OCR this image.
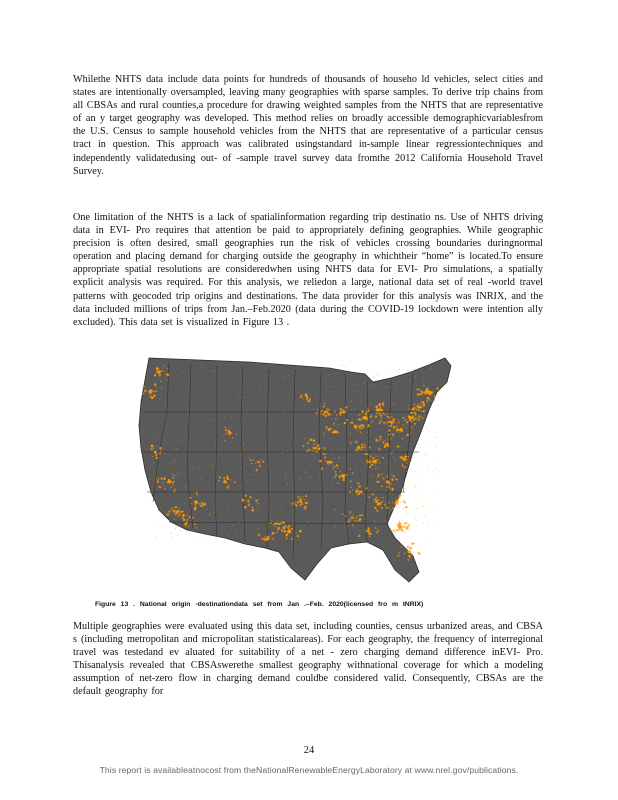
Whilethe NHTS data include data points for hundreds of thousands of househo ld vehicles, select cities and states are intentionally oversampled, leaving many geographies with sparse samples. To derive trip chains from all CBSAs and rural counties,a procedure for drawing weighted samples from the NHTS that are representative of an y target geography was developed. This method relies on broadly accessible demographicvariablesfrom the U.S. Census to sample household vehicles from the NHTS that are representative of a particular census tract in question. This approach was calibrated usingstandard in-sample linear regressiontechniques and independently validatedusing out- of -sample travel survey data fromthe 2012 California Household Travel Survey.

One limitation of the NHTS is a lack of spatialinformation regarding trip destinatio ns. Use of NHTS driving data in EVI- Pro requires that attention be paid to appropriately defining geographies. While geographic precision is often desired, small geographies run the risk of vehicles crossing boundaries duringnormal operation and placing demand for charging outside the geography in whichtheir “home” is located.To ensure appropriate spatial resolutions are consideredwhen using NHTS data for EVI- Pro simulations, a spatially explicit analysis was required. For this analysis, we reliedon a large, national data set of real -world travel patterns with geocoded trip origins and destinations. The data provider for this analysis was INRIX, and the data included millions of trips from Jan.–Feb.2020 (data during the COVID-19 lockdown were intention ally excluded). This data set is visualized in Figure 13 .

Figure 13 . National origin -destinationdata set from Jan .–Feb. 2020(licensed fro m INRIX)

Multiple geographies were evaluated using this data set, including counties, census urbanized areas, and CBSA s (including metropolitan and micropolitan statisticalareas). For each geography, the frequency of interregional travel was testedand ev aluated for suitability of a net - zero charging demand difference inEVI- Pro. Thisanalysis revealed that CBSAswerethe smallest geography withnational coverage for which a modeling assumption of net-zero flow in charging demand couldbe considered valid. Consequently, CBSAs are the default geography for

24
This report is availableatnocost from theNationalRenewableEnergyLaboratory at www.nrel.gov/publications.
